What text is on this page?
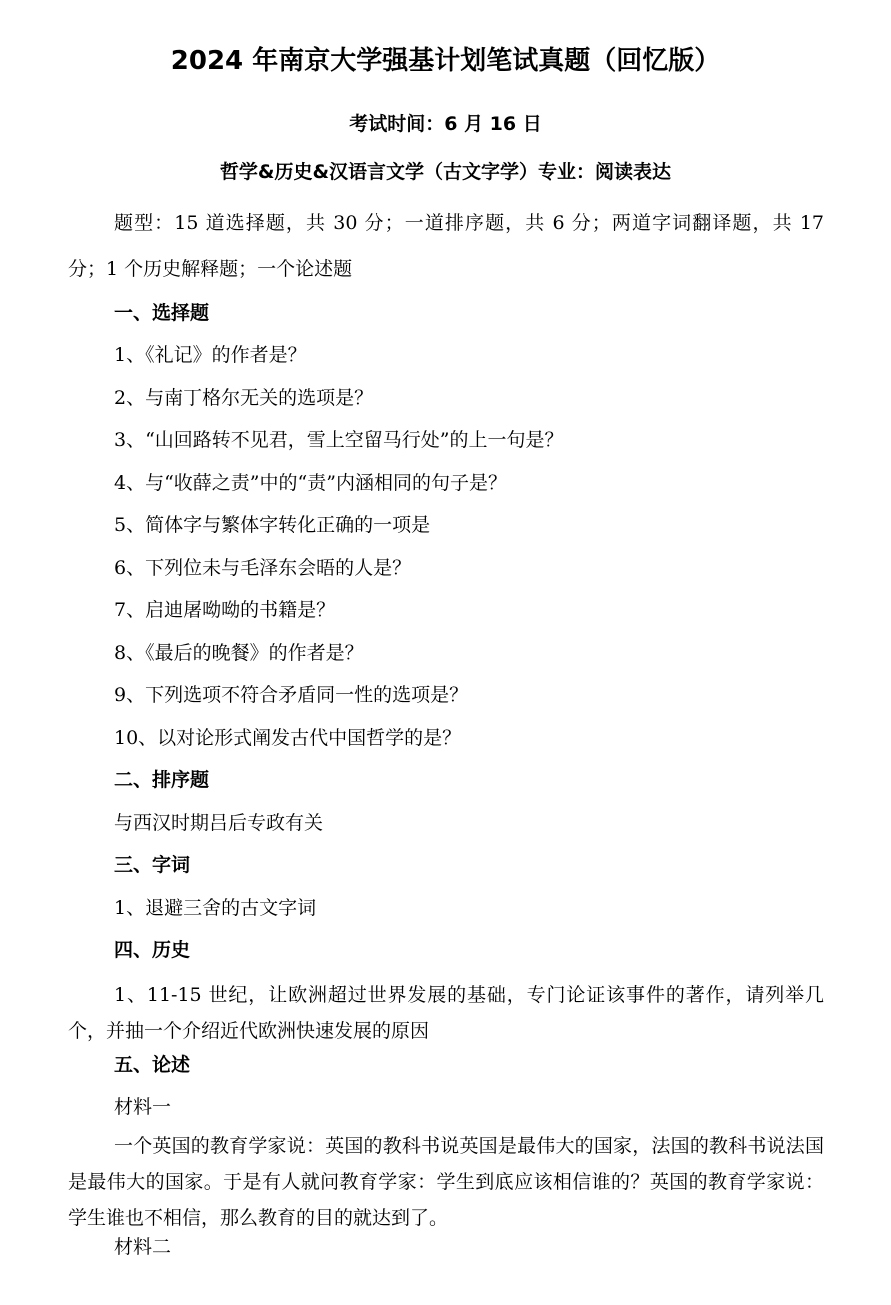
2024 年南京大学强基计划笔试真题（回忆版）
考试时间：6 月 16 日
哲学&历史&汉语言文学（古文字学）专业：阅读表达
题型：15 道选择题，共 30 分；一道排序题，共 6 分；两道字词翻译题，共 17 分；1 个历史解释题；一个论述题
一、选择题
1、《礼记》的作者是？
2、与南丁格尔无关的选项是？
3、“山回路转不见君，雪上空留马行处”的上一句是？
4、与“收薛之责”中的“责”内涵相同的句子是？
5、简体字与繁体字转化正确的一项是
6、下列位未与毛泽东会晤的人是？
7、启迪屠呦呦的书籍是？
8、《最后的晚餐》的作者是？
9、下列选项不符合矛盾同一性的选项是？
10、以对论形式阐发古代中国哲学的是？
二、排序题
与西汉时期吕后专政有关
三、字词
1、退避三舍的古文字词
四、历史
1、11-15 世纪，让欧洲超过世界发展的基础，专门论证该事件的著作，请列举几个，并抽一个介绍近代欧洲快速发展的原因
五、论述
材料一
一个英国的教育学家说：英国的教科书说英国是最伟大的国家，法国的教科书说法国是最伟大的国家。于是有人就问教育学家：学生到底应该相信谁的？英国的教育学家说：学生谁也不相信，那么教育的目的就达到了。
材料二
